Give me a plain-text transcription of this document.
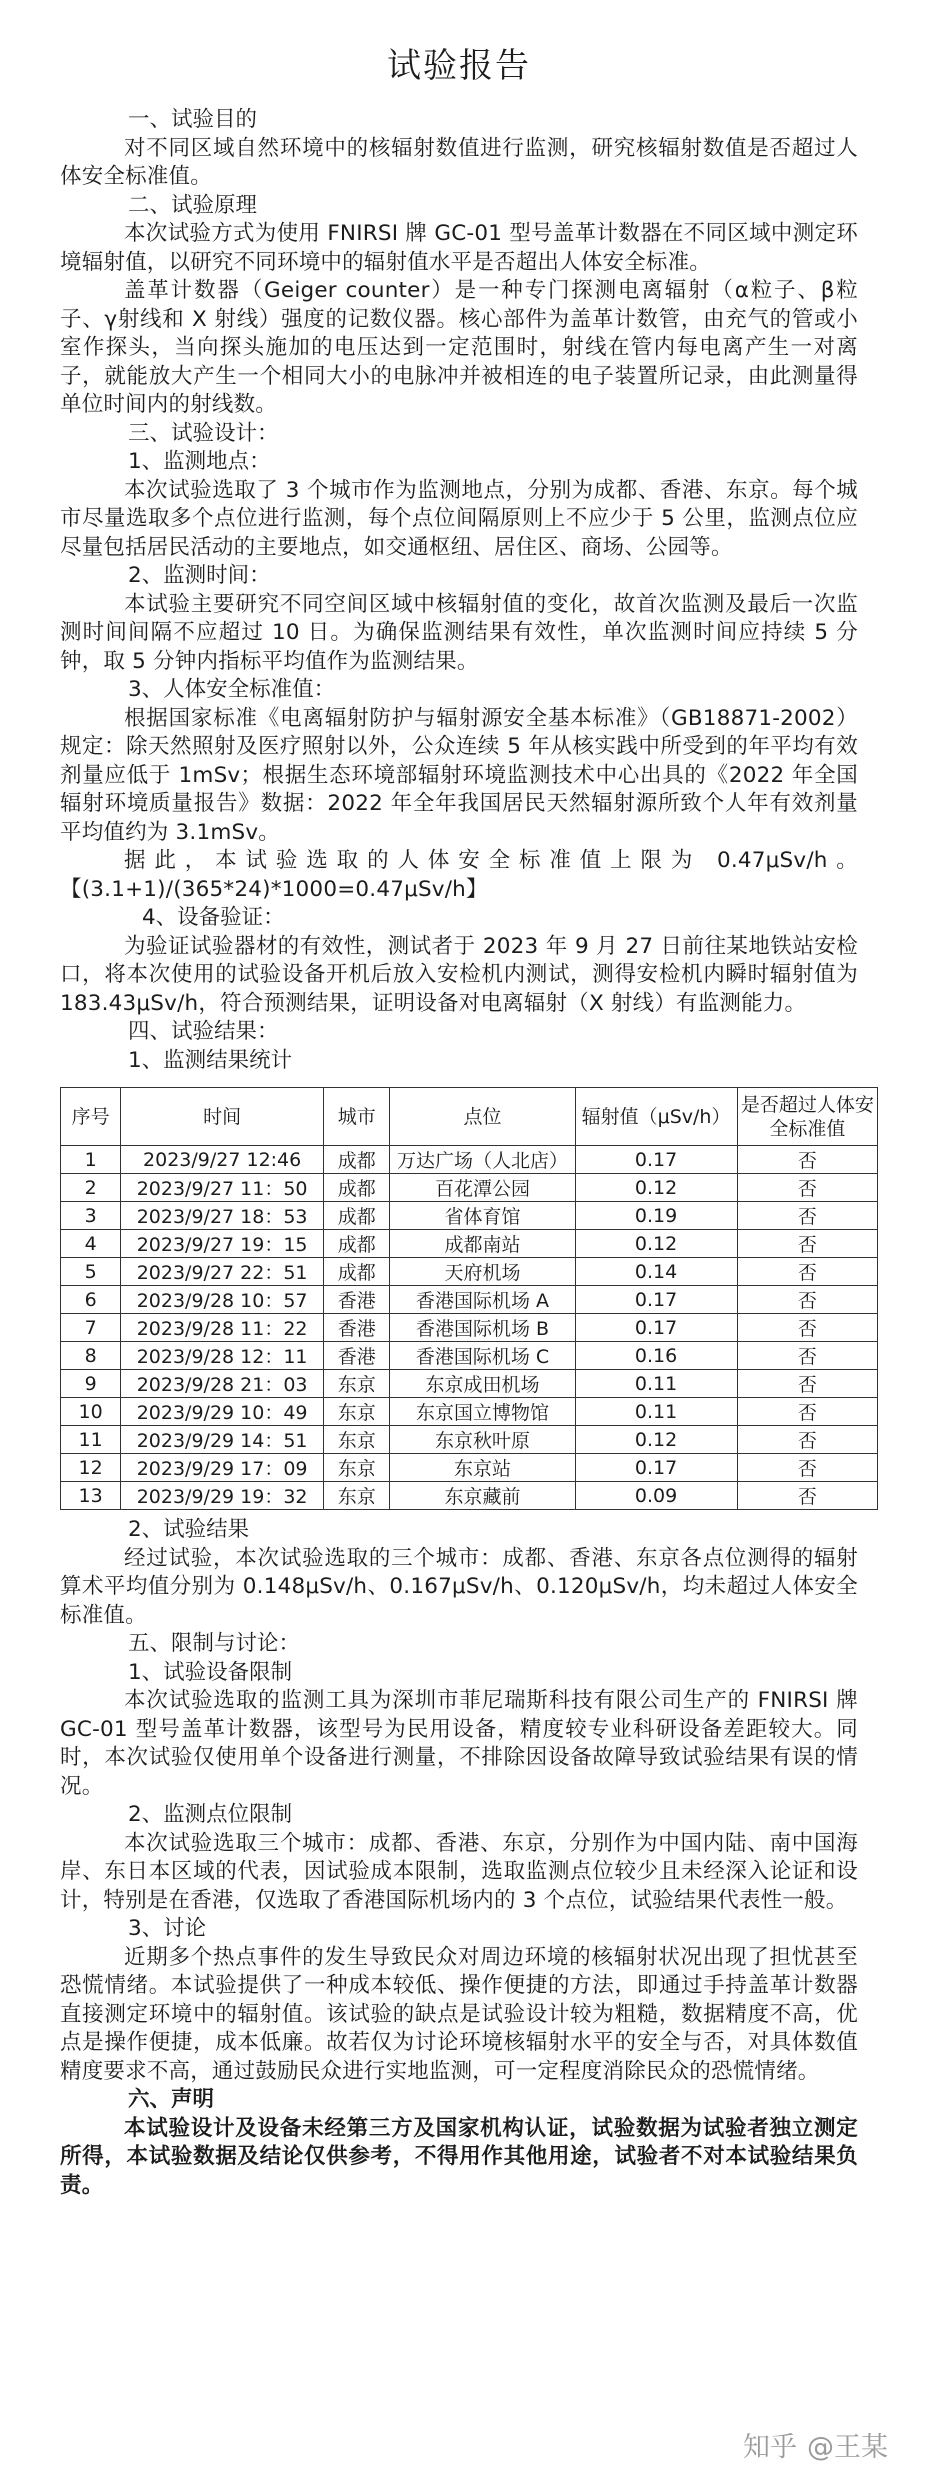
试验报告
一、试验目的
对不同区域自然环境中的核辐射数值进行监测，研究核辐射数值是否超过人体安全标准值。
二、试验原理
本次试验方式为使用 FNIRSI 牌 GC-01 型号盖革计数器在不同区域中测定环境辐射值，以研究不同环境中的辐射值水平是否超出人体安全标准。
盖革计数器（Geiger counter）是一种专门探测电离辐射（α粒子、β粒子、γ射线和 X 射线）强度的记数仪器。核心部件为盖革计数管，由充气的管或小室作探头，当向探头施加的电压达到一定范围时，射线在管内每电离产生一对离子，就能放大产生一个相同大小的电脉冲并被相连的电子装置所记录，由此测量得单位时间内的射线数。
三、试验设计：
1、监测地点：
本次试验选取了 3 个城市作为监测地点，分别为成都、香港、东京。每个城市尽量选取多个点位进行监测，每个点位间隔原则上不应少于 5 公里，监测点位应尽量包括居民活动的主要地点，如交通枢纽、居住区、商场、公园等。
2、监测时间：
本试验主要研究不同空间区域中核辐射值的变化，故首次监测及最后一次监测时间间隔不应超过 10 日。为确保监测结果有效性，单次监测时间应持续 5 分钟，取 5 分钟内指标平均值作为监测结果。
3、人体安全标准值：
根据国家标准《电离辐射防护与辐射源安全基本标准》（GB18871-2002）规定：除天然照射及医疗照射以外，公众连续 5 年从核实践中所受到的年平均有效剂量应低于 1mSv；根据生态环境部辐射环境监测技术中心出具的《2022 年全国辐射环境质量报告》数据：2022 年全年我国居民天然辐射源所致个人年有效剂量平均值约为 3.1mSv。
据此，本试验选取的人体安全标准值上限为 0.47μSv/h。【(3.1+1)/(365*24)*1000=0.47μSv/h】
4、设备验证：
为验证试验器材的有效性，测试者于 2023 年 9 月 27 日前往某地铁站安检口，将本次使用的试验设备开机后放入安检机内测试，测得安检机内瞬时辐射值为 183.43μSv/h，符合预测结果，证明设备对电离辐射（X 射线）有监测能力。
四、试验结果：
1、监测结果统计
序号	时间	城市	点位	辐射值（μSv/h）	是否超过人体安全标准值
1	2023/9/27 12:46	成都	万达广场（人北店）	0.17	否
2	2023/9/27 11：50	成都	百花潭公园	0.12	否
3	2023/9/27 18：53	成都	省体育馆	0.19	否
4	2023/9/27 19：15	成都	成都南站	0.12	否
5	2023/9/27 22：51	成都	天府机场	0.14	否
6	2023/9/28 10：57	香港	香港国际机场 A	0.17	否
7	2023/9/28 11：22	香港	香港国际机场 B	0.17	否
8	2023/9/28 12：11	香港	香港国际机场 C	0.16	否
9	2023/9/28 21：03	东京	东京成田机场	0.11	否
10	2023/9/29 10：49	东京	东京国立博物馆	0.11	否
11	2023/9/29 14：51	东京	东京秋叶原	0.12	否
12	2023/9/29 17：09	东京	东京站	0.17	否
13	2023/9/29 19：32	东京	东京藏前	0.09	否
2、试验结果
经过试验，本次试验选取的三个城市：成都、香港、东京各点位测得的辐射算术平均值分别为 0.148μSv/h、0.167μSv/h、0.120μSv/h，均未超过人体安全标准值。
五、限制与讨论：
1、试验设备限制
本次试验选取的监测工具为深圳市菲尼瑞斯科技有限公司生产的 FNIRSI 牌 GC-01 型号盖革计数器，该型号为民用设备，精度较专业科研设备差距较大。同时，本次试验仅使用单个设备进行测量，不排除因设备故障导致试验结果有误的情况。
2、监测点位限制
本次试验选取三个城市：成都、香港、东京，分别作为中国内陆、南中国海岸、东日本区域的代表，因试验成本限制，选取监测点位较少且未经深入论证和设计，特别是在香港，仅选取了香港国际机场内的 3 个点位，试验结果代表性一般。
3、讨论
近期多个热点事件的发生导致民众对周边环境的核辐射状况出现了担忧甚至恐慌情绪。本试验提供了一种成本较低、操作便捷的方法，即通过手持盖革计数器直接测定环境中的辐射值。该试验的缺点是试验设计较为粗糙，数据精度不高，优点是操作便捷，成本低廉。故若仅为讨论环境核辐射水平的安全与否，对具体数值精度要求不高，通过鼓励民众进行实地监测，可一定程度消除民众的恐慌情绪。
六、声明
本试验设计及设备未经第三方及国家机构认证，试验数据为试验者独立测定所得，本试验数据及结论仅供参考，不得用作其他用途，试验者不对本试验结果负责。
知乎 @王某
